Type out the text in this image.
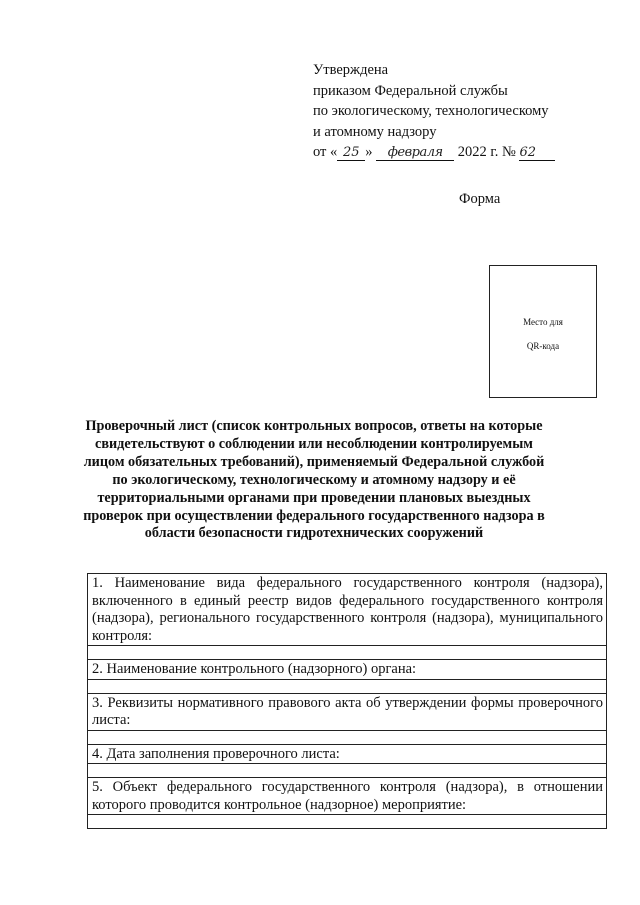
Утверждена
приказом Федеральной службы
по экологическому, технологическому
и атомному надзору
от « 25 » февраля 2022 г. № 62
Форма
Место для
QR-кода
Проверочный лист (список контрольных вопросов, ответы на которые свидетельствуют о соблюдении или несоблюдении контролируемым лицом обязательных требований), применяемый Федеральной службой по экологическому, технологическому и атомному надзору и её территориальными органами при проведении плановых выездных проверок при осуществлении федерального государственного надзора в области безопасности гидротехнических сооружений
1. Наименование вида федерального государственного контроля (надзора), включенного в единый реестр видов федерального государственного контроля (надзора), регионального государственного контроля (надзора), муниципального контроля:

2. Наименование контрольного (надзорного) органа:

3. Реквизиты нормативного правового акта об утверждении формы проверочного листа:

4. Дата заполнения проверочного листа:

5. Объект федерального государственного контроля (надзора), в отношении которого проводится контрольное (надзорное) мероприятие:
